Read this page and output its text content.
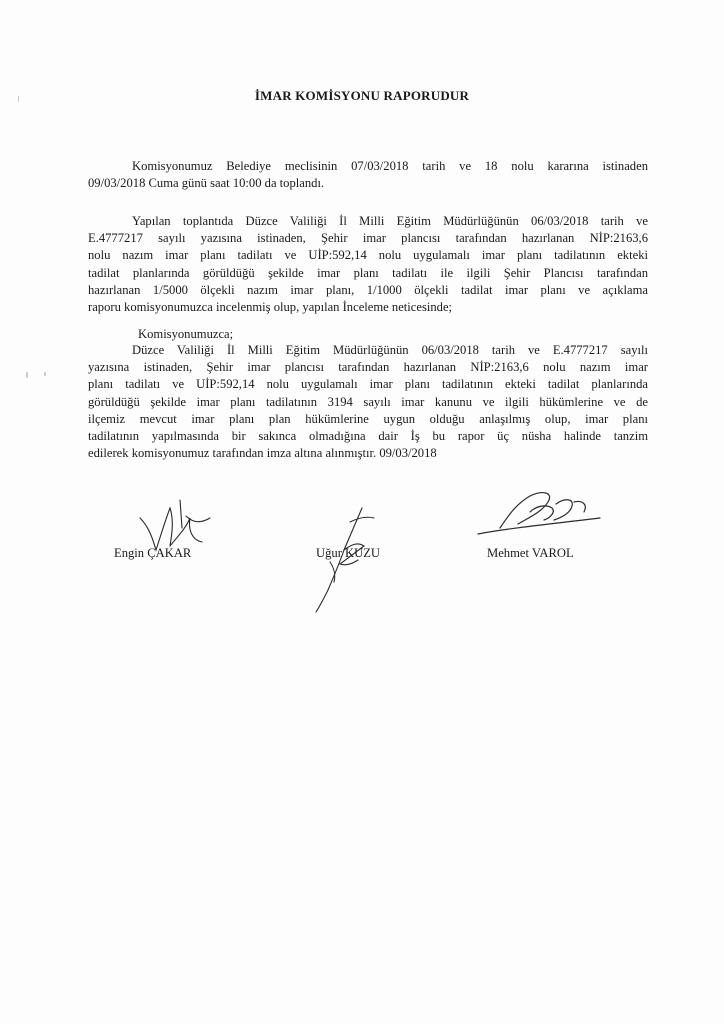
İMAR KOMİSYONU RAPORUDUR

Komisyonumuz Belediye meclisinin 07/03/2018 tarih ve 18 nolu kararına istinaden
09/03/2018 Cuma günü saat 10:00 da toplandı.

Yapılan toplantıda Düzce Valiliği İl Milli Eğitim Müdürlüğünün 06/03/2018 tarih ve
E.4777217 sayılı yazısına istinaden, Şehir imar plancısı tarafından hazırlanan NİP:2163,6
nolu nazım imar planı tadilatı ve UİP:592,14 nolu uygulamalı imar planı tadilatının ekteki
tadilat planlarında görüldüğü şekilde imar planı tadilatı ile ilgili Şehir Plancısı tarafından
hazırlanan 1/5000 ölçekli nazım imar planı, 1/1000 ölçekli tadilat imar planı ve açıklama
raporu komisyonumuzca incelenmiş olup, yapılan İnceleme neticesinde;

Komisyonumuzca;

Düzce Valiliği İl Milli Eğitim Müdürlüğünün 06/03/2018 tarih ve E.4777217 sayılı
yazısına istinaden, Şehir imar plancısı tarafından hazırlanan NİP:2163,6 nolu nazım imar
planı tadilatı ve UİP:592,14 nolu uygulamalı imar planı tadilatının ekteki tadilat planlarında
görüldüğü şekilde imar planı tadilatının 3194 sayılı imar kanunu ve ilgili hükümlerine ve de
ilçemiz mevcut imar planı plan hükümlerine uygun olduğu anlaşılmış olup, imar planı
tadilatının yapılmasında bir sakınca olmadığına dair İş bu rapor üç nüsha halinde tanzim
edilerek komisyonumuz tarafından imza altına alınmıştır. 09/03/2018

Engin ÇAKAR	Uğur KUZU	Mehmet VAROL
